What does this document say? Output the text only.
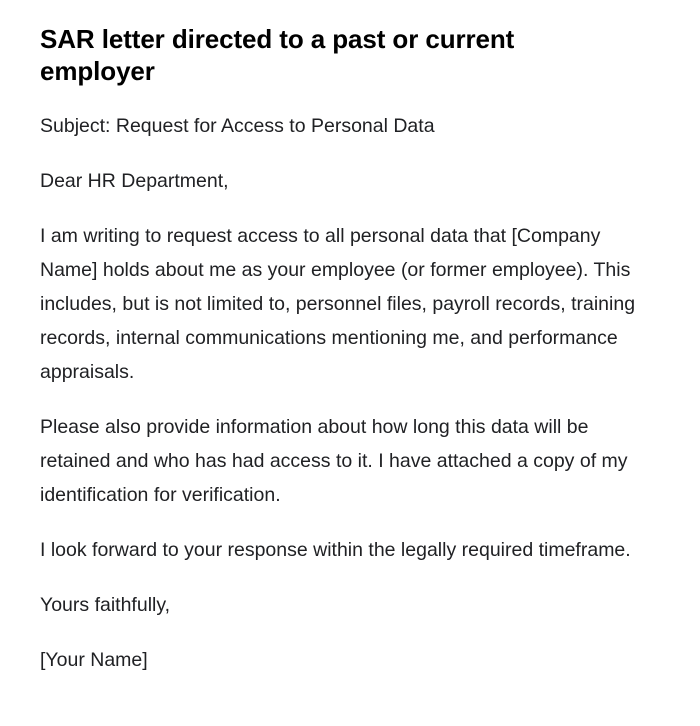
SAR letter directed to a past or current employer

Subject: Request for Access to Personal Data

Dear HR Department,

I am writing to request access to all personal data that [Company Name] holds about me as your employee (or former employee). This includes, but is not limited to, personnel files, payroll records, training records, internal communications mentioning me, and performance appraisals.

Please also provide information about how long this data will be retained and who has had access to it. I have attached a copy of my identification for verification.

I look forward to your response within the legally required timeframe.

Yours faithfully,

[Your Name]
